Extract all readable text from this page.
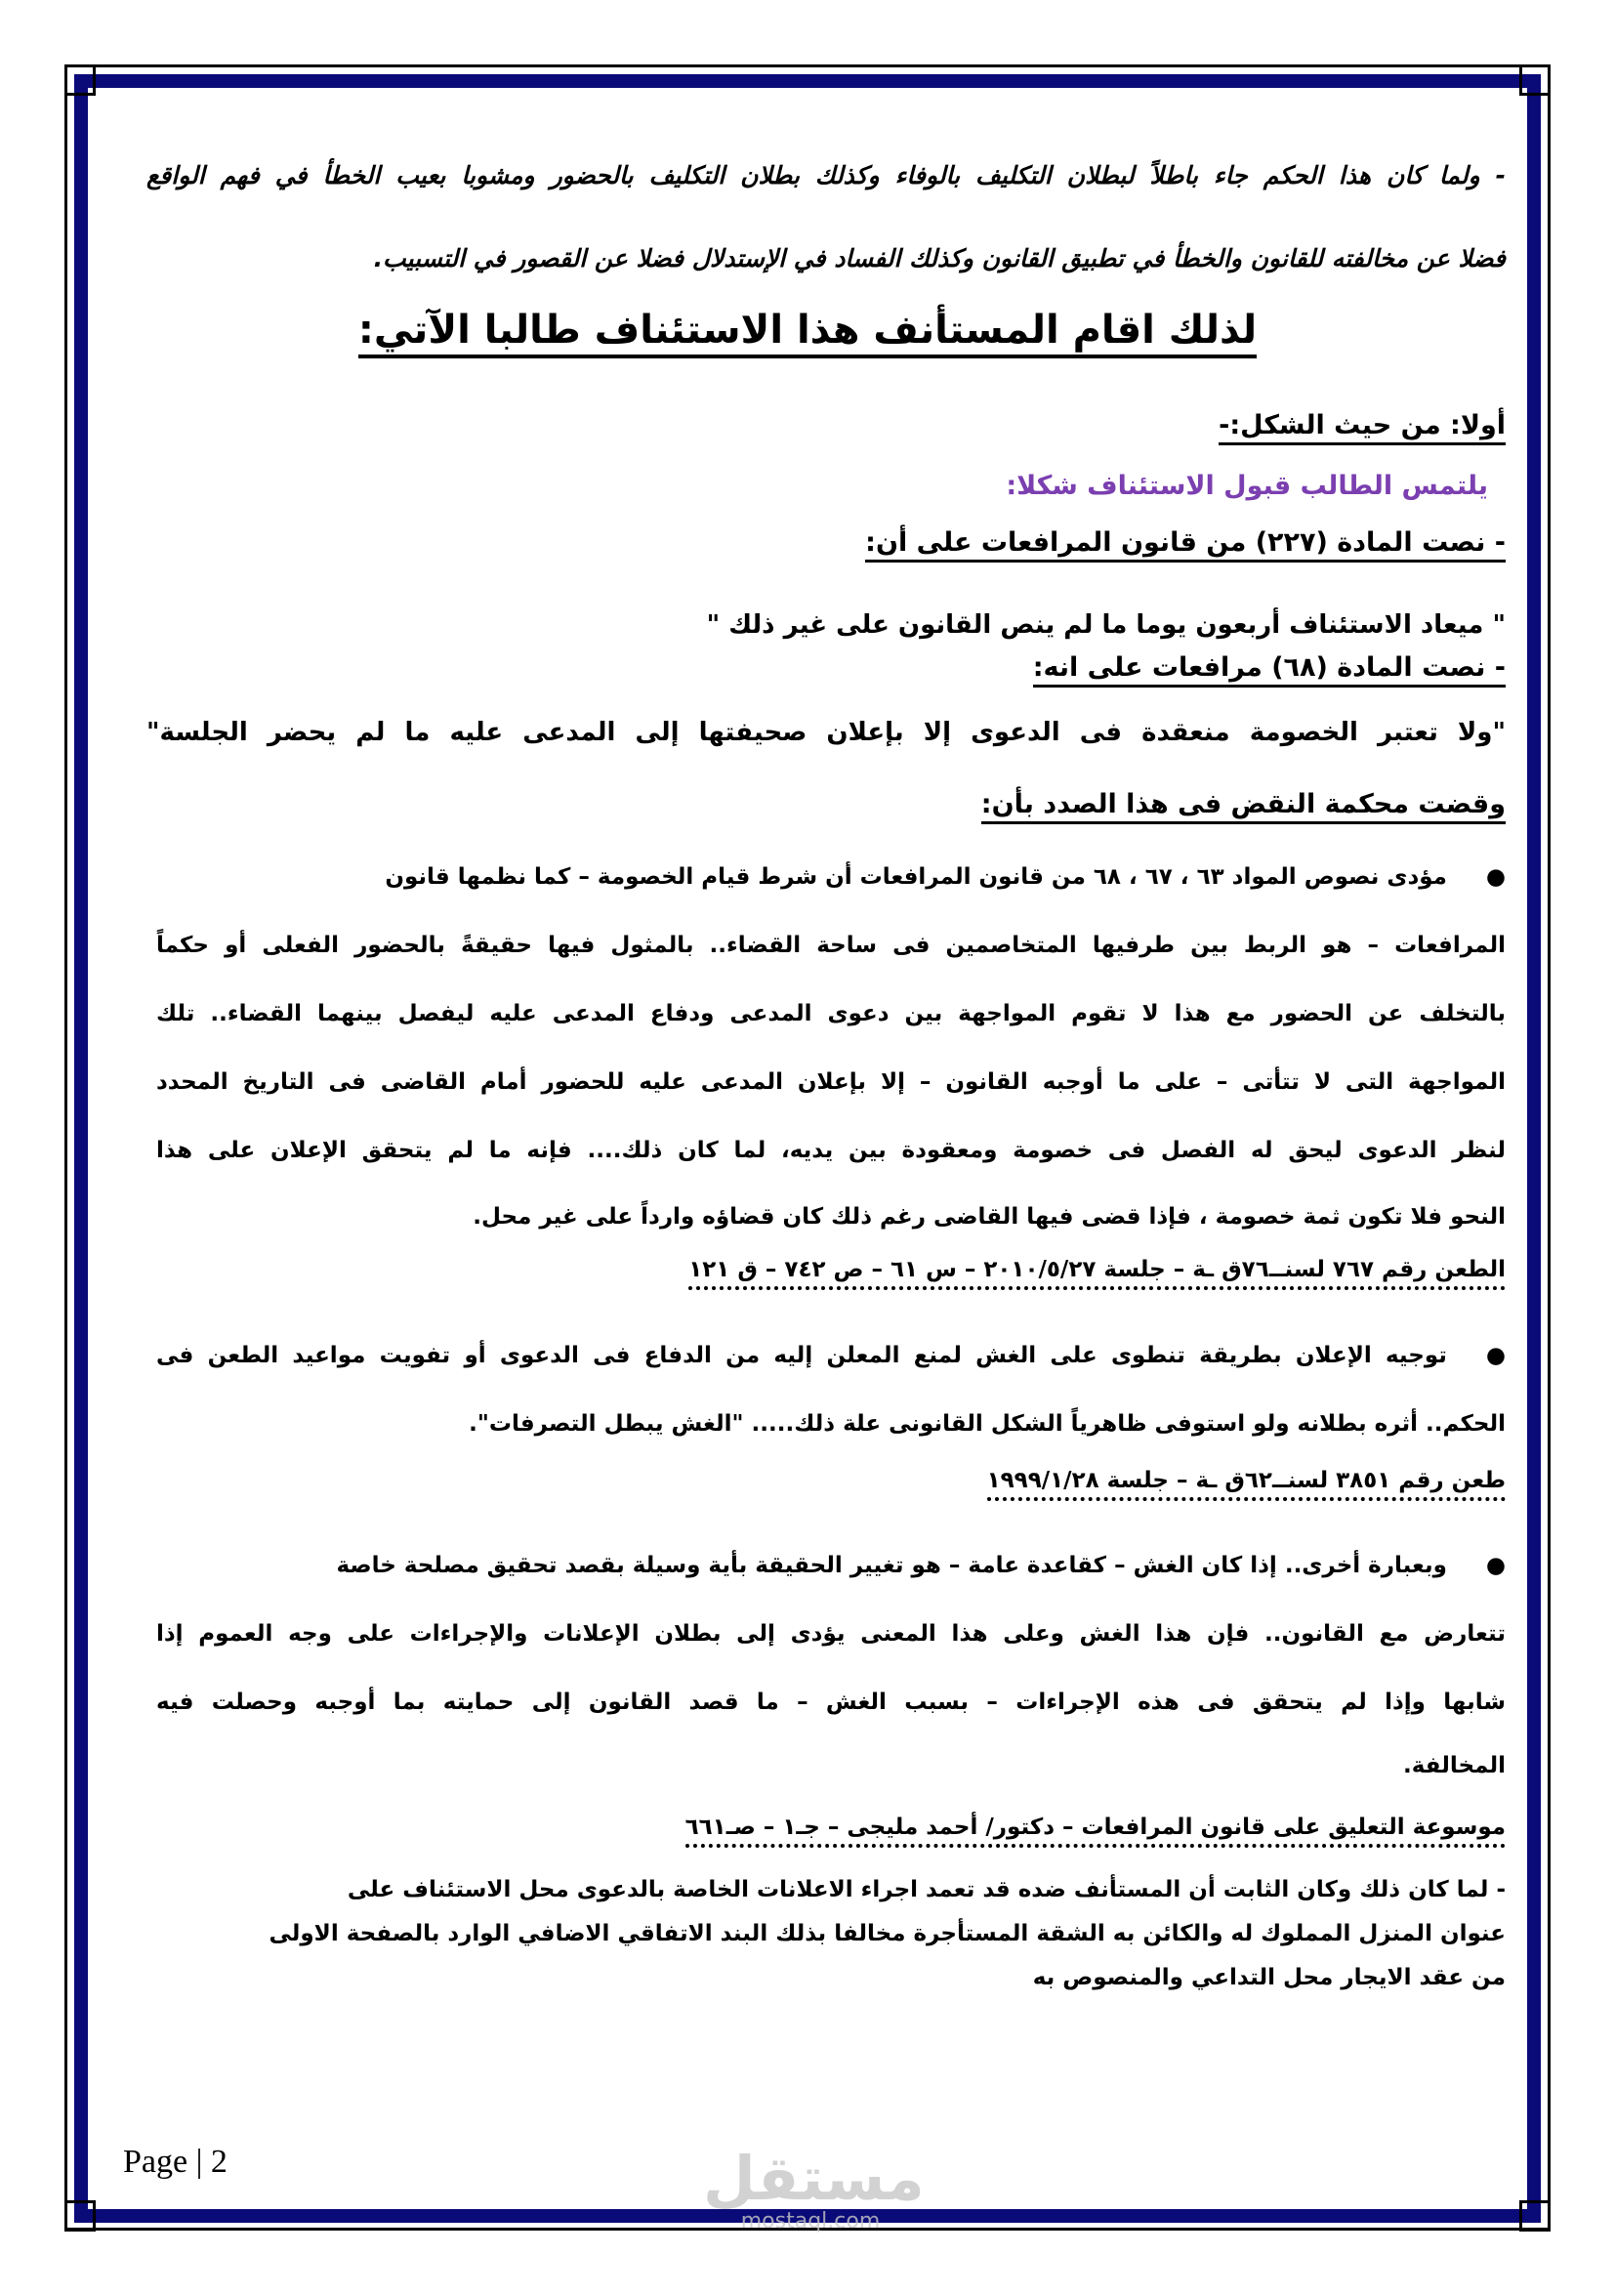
- ولما كان هذا الحكم جاء باطلاً لبطلان التكليف بالوفاء وكذلك بطلان التكليف بالحضور ومشوبا بعيب الخطأ في فهم الواقع
فضلا عن مخالفته للقانون والخطأ في تطبيق القانون وكذلك الفساد في الإستدلال فضلا عن القصور في التسبيب.
لذلك اقام المستأنف هذا الاستئناف طالبا الآتي:
أولا: من حيث الشكل:-
يلتمس الطالب قبول الاستئناف شكلا:
- نصت المادة (٢٢٧) من قانون المرافعات على أن:
" ميعاد الاستئناف أربعون يوما ما لم ينص القانون على غير ذلك "
- نصت المادة (٦٨) مرافعات على انه:
"ولا تعتبر الخصومة منعقدة فى الدعوى إلا بإعلان صحيفتها إلى المدعى عليه ما لم يحضر الجلسة"
وقضت محكمة النقض فى هذا الصدد بأن:
●مؤدى نصوص المواد ٦٣ ، ٦٧ ، ٦٨ من قانون المرافعات أن شرط قيام الخصومة – كما نظمها قانون
المرافعات – هو الربط بين طرفيها المتخاصمين فى ساحة القضاء.. بالمثول فيها حقيقةً بالحضور الفعلى أو حكماً
بالتخلف عن الحضور مع هذا لا تقوم المواجهة بين دعوى المدعى ودفاع المدعى عليه ليفصل بينهما القضاء.. تلك
المواجهة التى لا تتأتى – على ما أوجبه القانون – إلا بإعلان المدعى عليه للحضور أمام القاضى فى التاريخ المحدد
لنظر الدعوى ليحق له الفصل فى خصومة ومعقودة بين يديه، لما كان ذلك.... فإنه ما لم يتحقق الإعلان على هذا
النحو فلا تكون ثمة خصومة ، فإذا قضى فيها القاضى رغم ذلك كان قضاؤه وارداً على غير محل.
الطعن رقم ٧٦٧ لسنــ٧٦ق ـة – جلسة ٢٠١٠/٥/٢٧ – س ٦١ – ص ٧٤٢ – ق ١٢١
●توجيه الإعلان بطريقة تنطوى على الغش لمنع المعلن إليه من الدفاع فى الدعوى أو تفويت مواعيد الطعن فى
الحكم.. أثره بطلانه ولو استوفى ظاهرياً الشكل القانونى علة ذلك..... "الغش يبطل التصرفات".
طعن رقم ٣٨٥١ لسنــ٦٢ق ـة – جلسة ١٩٩٩/١/٢٨
●وبعبارة أخرى.. إذا كان الغش – كقاعدة عامة – هو تغيير الحقيقة بأية وسيلة بقصد تحقيق مصلحة خاصة
تتعارض مع القانون.. فإن هذا الغش وعلى هذا المعنى يؤدى إلى بطلان الإعلانات والإجراءات على وجه العموم إذا
شابها وإذا لم يتحقق فى هذه الإجراءات – بسبب الغش – ما قصد القانون إلى حمايته بما أوجبه وحصلت فيه
المخالفة.
موسوعة التعليق على قانون المرافعات – دكتور/ أحمد مليجى – جـ١ – صـ٦٦١
- لما كان ذلك وكان الثابت أن المستأنف ضده قد تعمد اجراء الاعلانات الخاصة بالدعوى محل الاستئناف على
عنوان المنزل المملوك له والكائن به الشقة المستأجرة مخالفا بذلك البند الاتفاقي الاضافي الوارد بالصفحة الاولى
من عقد الايجار محل التداعي والمنصوص به
Page | 2	مستقل
mostaql.com
